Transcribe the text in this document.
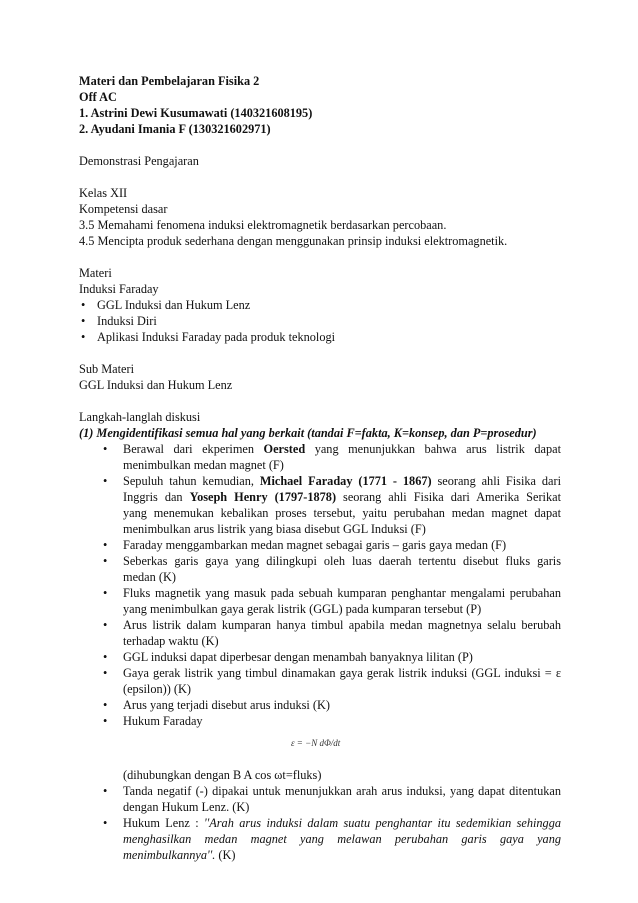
Materi dan Pembelajaran Fisika 2
Off AC
1. Astrini Dewi Kusumawati (140321608195)
2. Ayudani Imania F (130321602971)
Demonstrasi Pengajaran
Kelas XII
Kompetensi dasar
3.5 Memahami fenomena induksi elektromagnetik berdasarkan percobaan.
4.5 Mencipta produk sederhana dengan menggunakan prinsip induksi elektromagnetik.
Materi
Induksi Faraday
• GGL Induksi dan Hukum Lenz
• Induksi Diri
• Aplikasi Induksi Faraday pada produk teknologi
Sub Materi
GGL Induksi dan Hukum Lenz
Langkah-langlah diskusi
(1) Mengidentifikasi semua hal yang berkait (tandai F=fakta, K=konsep, dan P=prosedur)
• Berawal dari ekperimen Oersted yang menunjukkan bahwa arus listrik dapat
menimbulkan medan magnet (F)
• Sepuluh tahun kemudian, Michael Faraday (1771 - 1867) seorang ahli Fisika dari
Inggris dan Yoseph Henry (1797-1878) seorang ahli Fisika dari Amerika Serikat
yang menemukan kebalikan proses tersebut, yaitu perubahan medan magnet dapat
menimbulkan arus listrik yang biasa disebut GGL Induksi (F)
• Faraday menggambarkan medan magnet sebagai garis – garis gaya medan (F)
• Seberkas garis gaya yang dilingkupi oleh luas daerah tertentu disebut fluks garis
medan (K)
• Fluks magnetik yang masuk pada sebuah kumparan penghantar mengalami perubahan
yang menimbulkan gaya gerak listrik (GGL) pada kumparan tersebut (P)
• Arus listrik dalam kumparan hanya timbul apabila medan magnetnya selalu berubah
terhadap waktu (K)
• GGL induksi dapat diperbesar dengan menambah banyaknya lilitan (P)
• Gaya gerak listrik yang timbul dinamakan gaya gerak listrik induksi (GGL induksi = ε
(epsilon)) (K)
• Arus yang terjadi disebut arus induksi (K)
• Hukum Faraday
ε = −N dΦ/dt
(dihubungkan dengan B A cos ωt=fluks)
• Tanda negatif (-) dipakai untuk menunjukkan arah arus induksi, yang dapat ditentukan
dengan Hukum Lenz. (K)
• Hukum Lenz : ''Arah arus induksi dalam suatu penghantar itu sedemikian sehingga
menghasilkan medan magnet yang melawan perubahan garis gaya yang
menimbulkannya''. (K)
